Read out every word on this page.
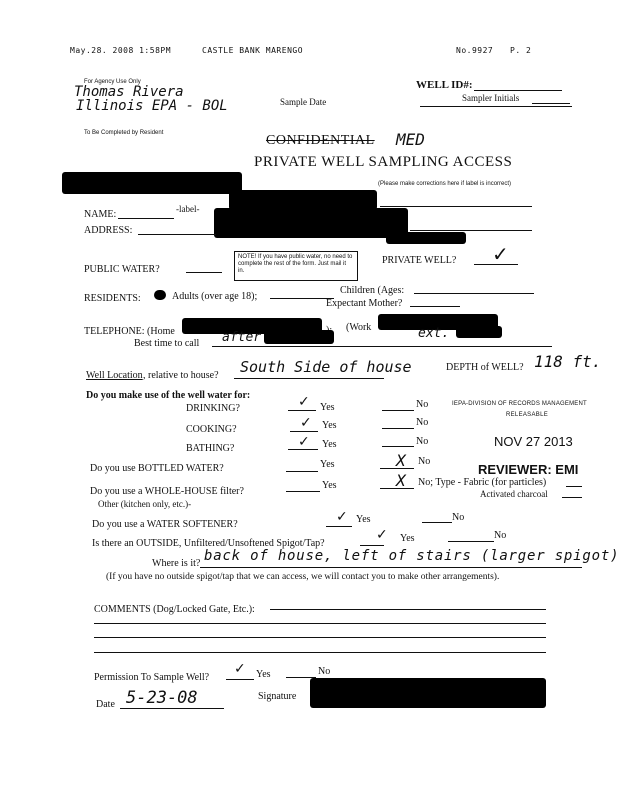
May.28. 2008 1:58PM	CASTLE BANK MARENGO	No.9927 P. 2
For Agency Use Only
Thomas Rivera
Illinois EPA - BOL	Sample Date
WELL ID#:
Sampler Initials
To Be Completed by Resident	CONFIDENTIAL MED
PRIVATE WELL SAMPLING ACCESS
(Please make corrections here if label is incorrect)
NAME:	-label-
ADDRESS:
PUBLIC WATER?
NOTE! If you have public water, no need to complete the rest of the form. Just mail it in.
PRIVATE WELL? ✓
RESIDENTS:	Adults (over age 18);
Children (Ages:
Expectant Mother?
TELEPHONE: (Home	(Work
Best time to call after	ext.
Well Location , relative to house? South Side of house	DEPTH of WELL? 118 ft.
Do you make use of the well water for:
DRINKING?	✓ Yes	No
COOKING?	✓ Yes	No
BATHING?	✓ Yes	No
IEPA-DIVISION OF RECORDS MANAGEMENT
RELEASABLE
NOV 27 2013
REVIEWER: EMI
Do you use BOTTLED WATER?	Yes	X No
Do you use a WHOLE-HOUSE filter?
Yes	X No; Type - Fabric (for particles)
Activated charcoal
Other (kitchen only, etc.)-
Do you use a WATER SOFTENER?	✓ Yes	No
Is there an OUTSIDE, Unfiltered/Unsoftened Spigot/Tap?
✓ Yes	No
Where is it? back of house, left of stairs (larger spigot)
(If you have no outside spigot/tap that we can access, we will contact you to make other arrangements).
COMMENTS (Dog/Locked Gate, Etc.):
Permission To Sample Well?
✓ Yes	No
Date 5-23-08	Signature
